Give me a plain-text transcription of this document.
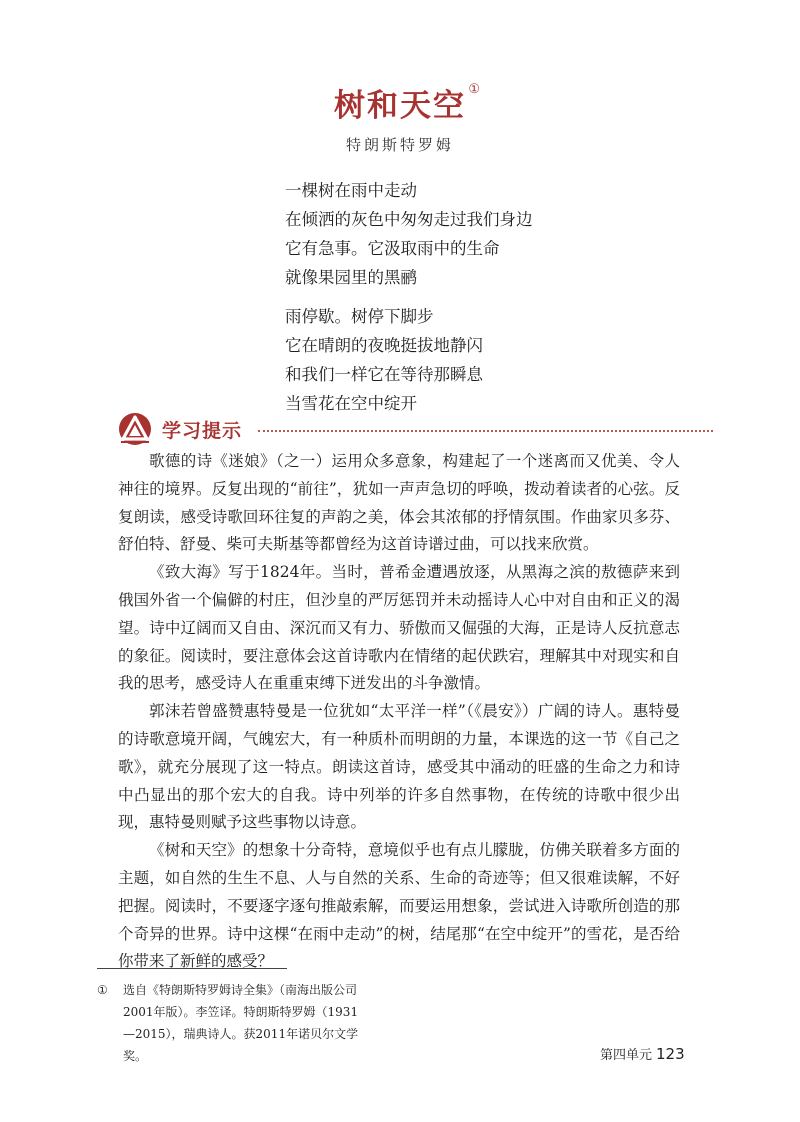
树和天空 ①
特朗斯特罗姆
一棵树在雨中走动
在倾洒的灰色中匆匆走过我们身边
它有急事。它汲取雨中的生命
就像果园里的黑鹂
雨停歇。树停下脚步
它在晴朗的夜晚挺拔地静闪
和我们一样它在等待那瞬息
当雪花在空中绽开
学习提示

歌德的诗《迷娘》（之一）运用众多意象，构建起了一个迷离而又优美、令人神往的境界。反复出现的“前往”，犹如一声声急切的呼唤，拨动着读者的心弦。反复朗读，感受诗歌回环往复的声韵之美，体会其浓郁的抒情氛围。作曲家贝多芬、舒伯特、舒曼、柴可夫斯基等都曾经为这首诗谱过曲，可以找来欣赏。

《致大海》写于1824年。当时，普希金遭遇放逐，从黑海之滨的敖德萨来到俄国外省一个偏僻的村庄，但沙皇的严厉惩罚并未动摇诗人心中对自由和正义的渴望。诗中辽阔而又自由、深沉而又有力、骄傲而又倔强的大海，正是诗人反抗意志的象征。阅读时，要注意体会这首诗歌内在情绪的起伏跌宕，理解其中对现实和自我的思考，感受诗人在重重束缚下迸发出的斗争激情。

郭沫若曾盛赞惠特曼是一位犹如“太平洋一样”（《晨安》）广阔的诗人。惠特曼的诗歌意境开阔，气魄宏大，有一种质朴而明朗的力量，本课选的这一节《自己之歌》，就充分展现了这一特点。朗读这首诗，感受其中涌动的旺盛的生命之力和诗中凸显出的那个宏大的自我。诗中列举的许多自然事物，在传统的诗歌中很少出现，惠特曼则赋予这些事物以诗意。

《树和天空》的想象十分奇特，意境似乎也有点儿朦胧，仿佛关联着多方面的主题，如自然的生生不息、人与自然的关系、生命的奇迹等；但又很难读解，不好把握。阅读时，不要逐字逐句推敲索解，而要运用想象，尝试进入诗歌所创造的那个奇异的世界。诗中这棵“在雨中走动”的树，结尾那“在空中绽开”的雪花，是否给你带来了新鲜的感受？

①	选自《特朗斯特罗姆诗全集》（南海出版公司2001年版）。李笠译。特朗斯特罗姆（1931—2015），瑞典诗人。获2011年诺贝尔文学奖。	第四单元 123
